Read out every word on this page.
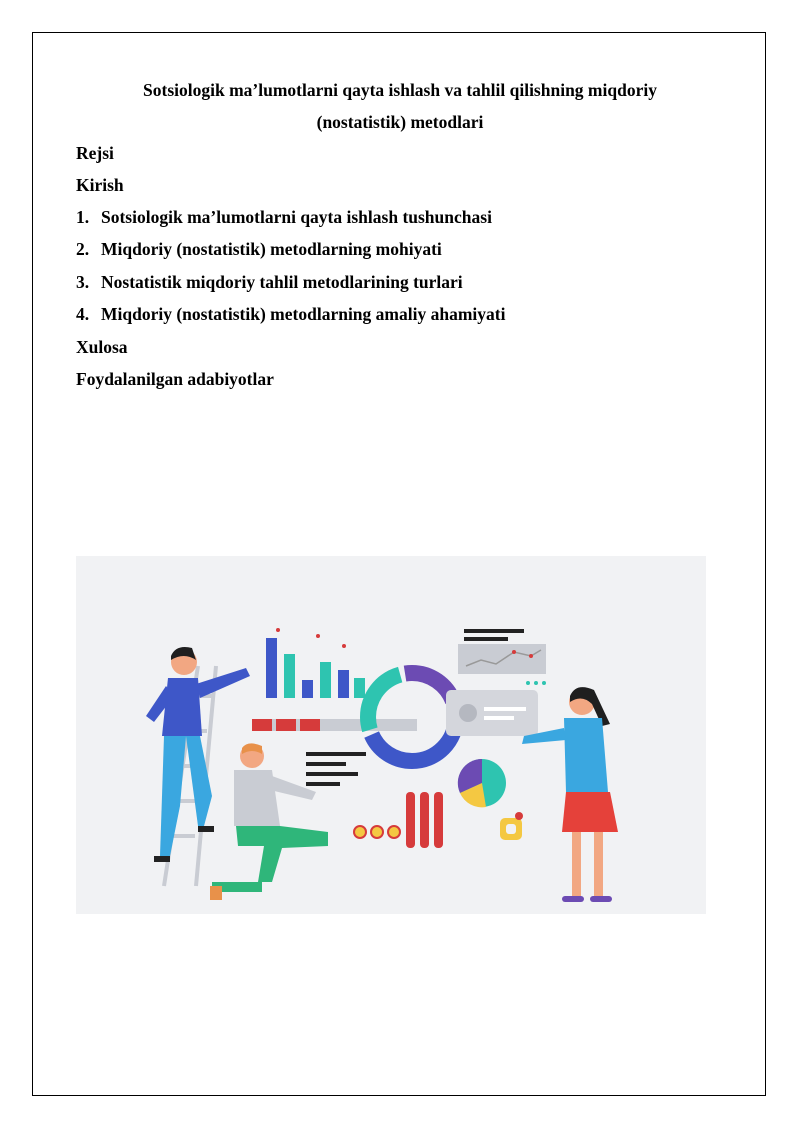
Sotsiologik ma’lumotlarni qayta ishlash va tahlil qilishning miqdoriy
(nostatistik) metodlari
Rejsi
Kirish
1. Sotsiologik ma’lumotlarni qayta ishlash tushunchasi
2. Miqdoriy (nostatistik) metodlarning mohiyati
3. Nostatistik miqdoriy tahlil metodlarining turlari
4. Miqdoriy (nostatistik) metodlarning amaliy ahamiyati
Xulosa
Foydalanilgan adabiyotlar
